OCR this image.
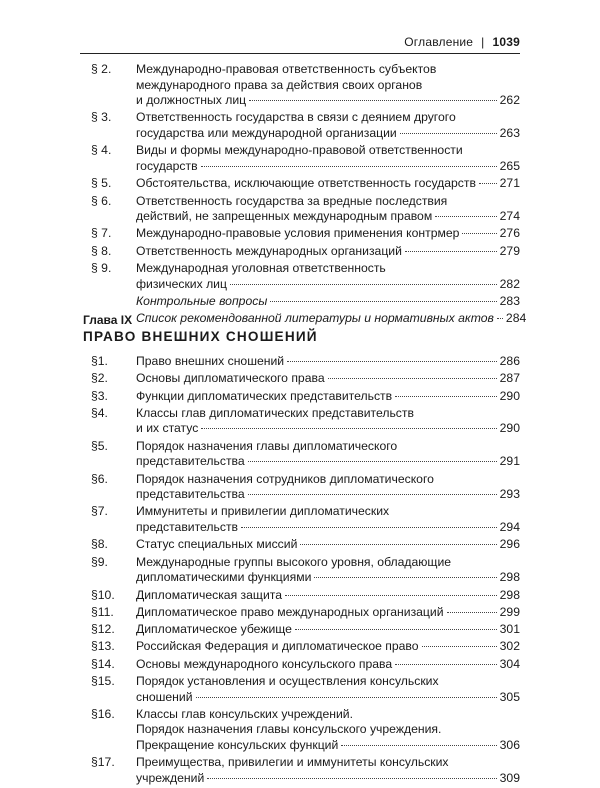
Оглавление | 1039
§ 2.	Международно-правовая ответственность субъектов
международного права за действия своих органов
и должностных лиц	262
§ 3.	Ответственность государства в связи с деянием другого
государства или международной организации	263
§ 4.	Виды и формы международно-правовой ответственности
государств	265
§ 5.	Обстоятельства, исключающие ответственность государств 271
§ 6.	Ответственность государства за вредные последствия
действий, не запрещенных международным правом	274
§ 7.	Международно-правовые условия применения контрмер	276
§ 8.	Ответственность международных организаций	279
§ 9.	Международная уголовная ответственность
физических лиц	282
Контрольные вопросы	283
Список рекомендованной литературы и нормативных актов 284
Глава IX
ПРАВО ВНЕШНИХ СНОШЕНИЙ
§1.	Право внешних сношений	286
§2.	Основы дипломатического права	287
§3.	Функции дипломатических представительств	290
§4.	Классы глав дипломатических представительств
и их статус	290
§5.	Порядок назначения главы дипломатического
представительства	291
§6.	Порядок назначения сотрудников дипломатического
представительства	293
§7.	Иммунитеты и привилегии дипломатических
представительств	294
§8.	Статус специальных миссий	296
§9.	Международные группы высокого уровня, обладающие
дипломатическими функциями	298
§10.	Дипломатическая защита	298
§11.	Дипломатическое право международных организаций	299
§12.	Дипломатическое убежище	301
§13.	Российская Федерация и дипломатическое право	302
§14.	Основы международного консульского права	304
§15.	Порядок установления и осуществления консульских
сношений	305
§16.	Классы глав консульских учреждений.
Порядок назначения главы консульского учреждения.
Прекращение консульских функций	306
§17.	Преимущества, привилегии и иммунитеты консульских
учреждений	309
